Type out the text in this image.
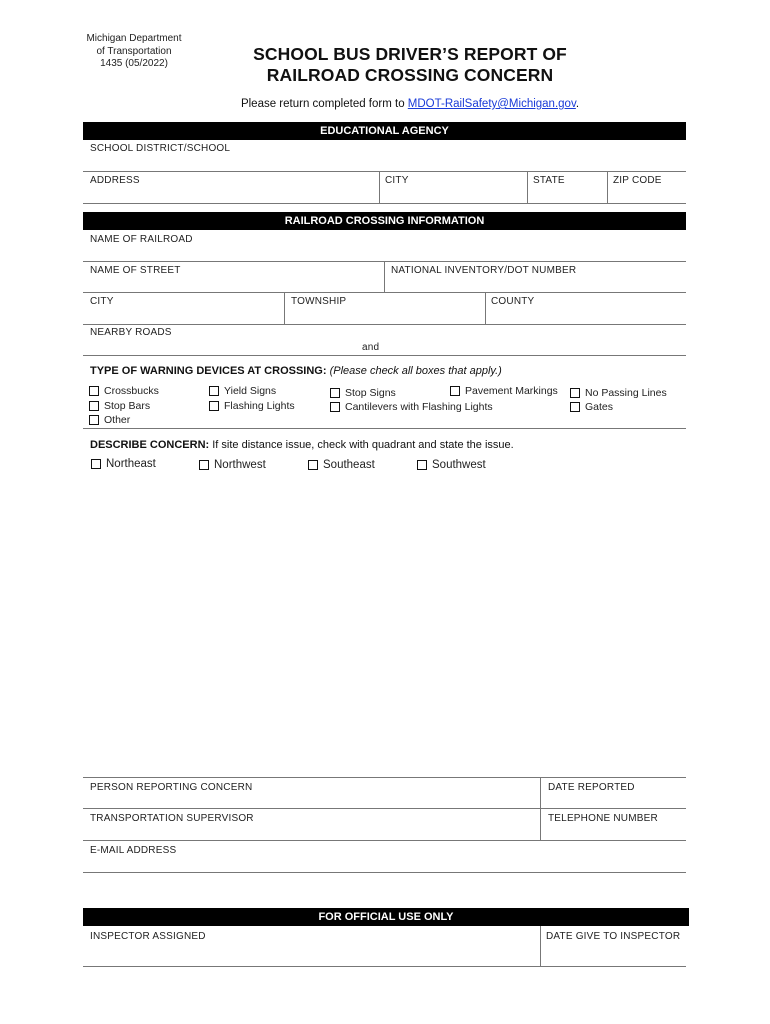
Michigan Department
of Transportation
1435 (05/2022)	SCHOOL BUS DRIVER’S REPORT OF
RAILROAD CROSSING CONCERN
Please return completed form to MDOT-RailSafety@Michigan.gov.
EDUCATIONAL AGENCY
SCHOOL DISTRICT/SCHOOL
ADDRESS	CITY	STATE	ZIP CODE
RAILROAD CROSSING INFORMATION
NAME OF RAILROAD
NAME OF STREET	NATIONAL INVENTORY/DOT NUMBER
CITY	TOWNSHIP	COUNTY
NEARBY ROADS
and
TYPE OF WARNING DEVICES AT CROSSING: (Please check all boxes that apply.)
Crossbucks
Stop Bars
Other
Yield Signs
Flashing Lights
Stop Signs
Cantilevers with Flashing Lights
Pavement Markings	No Passing Lines
Gates
DESCRIBE CONCERN: If site distance issue, check with quadrant and state the issue.
Northeast	Northwest	Southeast	Southwest
PERSON REPORTING CONCERN	DATE REPORTED
TRANSPORTATION SUPERVISOR	TELEPHONE NUMBER
E-MAIL ADDRESS
FOR OFFICIAL USE ONLY
INSPECTOR ASSIGNED	DATE GIVE TO INSPECTOR
